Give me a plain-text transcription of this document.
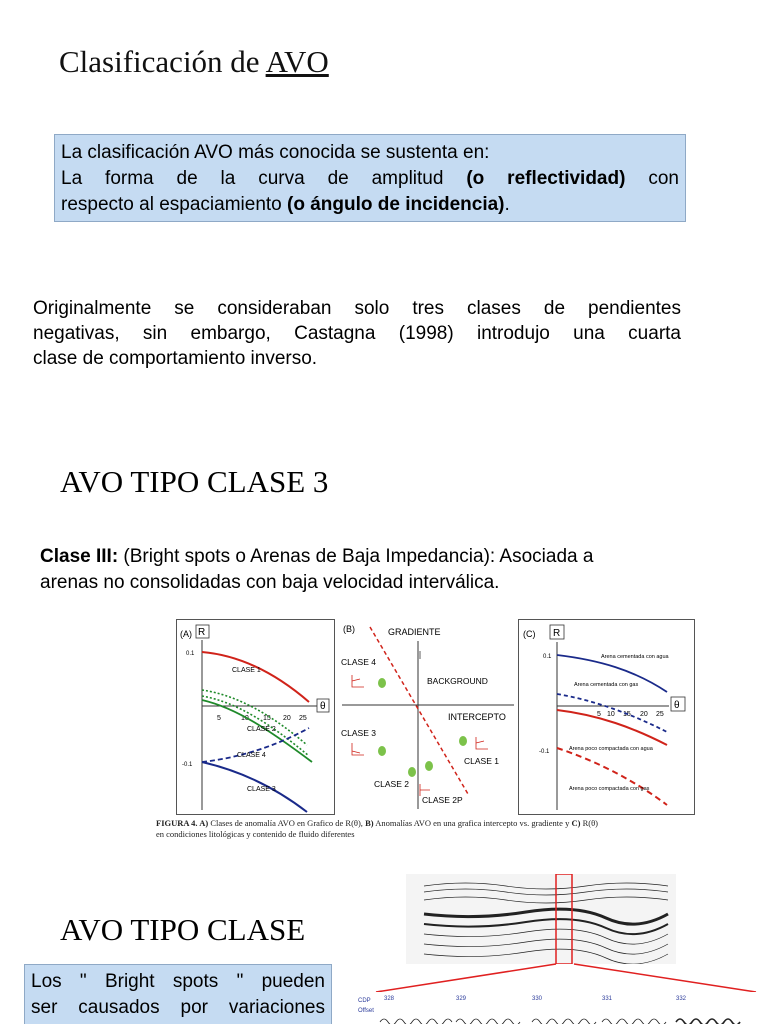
Clasificación de AVO
La clasificación AVO más conocida se sustenta en:
La forma de la curva de amplitud (o reflectividad) con
respecto al espaciamiento (o ángulo de incidencia).
Originalmente se consideraban solo tres clases de pendientes
negativas, sin embargo, Castagna (1998) introdujo una cuarta
clase de comportamiento inverso.
AVO TIPO CLASE 3
Clase III: (Bright spots o Arenas de Baja Impedancia): Asociada a
arenas no consolidadas con baja velocidad interválica.
(A) R
θ
0.1
-0.1
5	10 15 20 25
CLASE 1
CLASE 2
CLASE 4
CLASE 3
(B)	GRADIENTE
INTERCEPTO
BACKGROUND
CLASE 4
CLASE 3
CLASE 2
CLASE 1
CLASE 2P
(C) R
θ
0.1
-0.1
5 10 15 20 25
Arena cementada con agua
Arena cementada con gas
Arena poco compactada con agua
Arena poco compactada con gas
FIGURA 4. A) Clases de anomalía AVO en Grafico de R(θ), B) Anomalías AVO en una grafica intercepto vs. gradiente y C) R(θ)
en condiciones litológicas y contenido de fluido diferentes
AVO TIPO CLASE
Los " Bright spots " pueden
ser causados por variaciones	CDP
Offset
328	329	330	331	332
